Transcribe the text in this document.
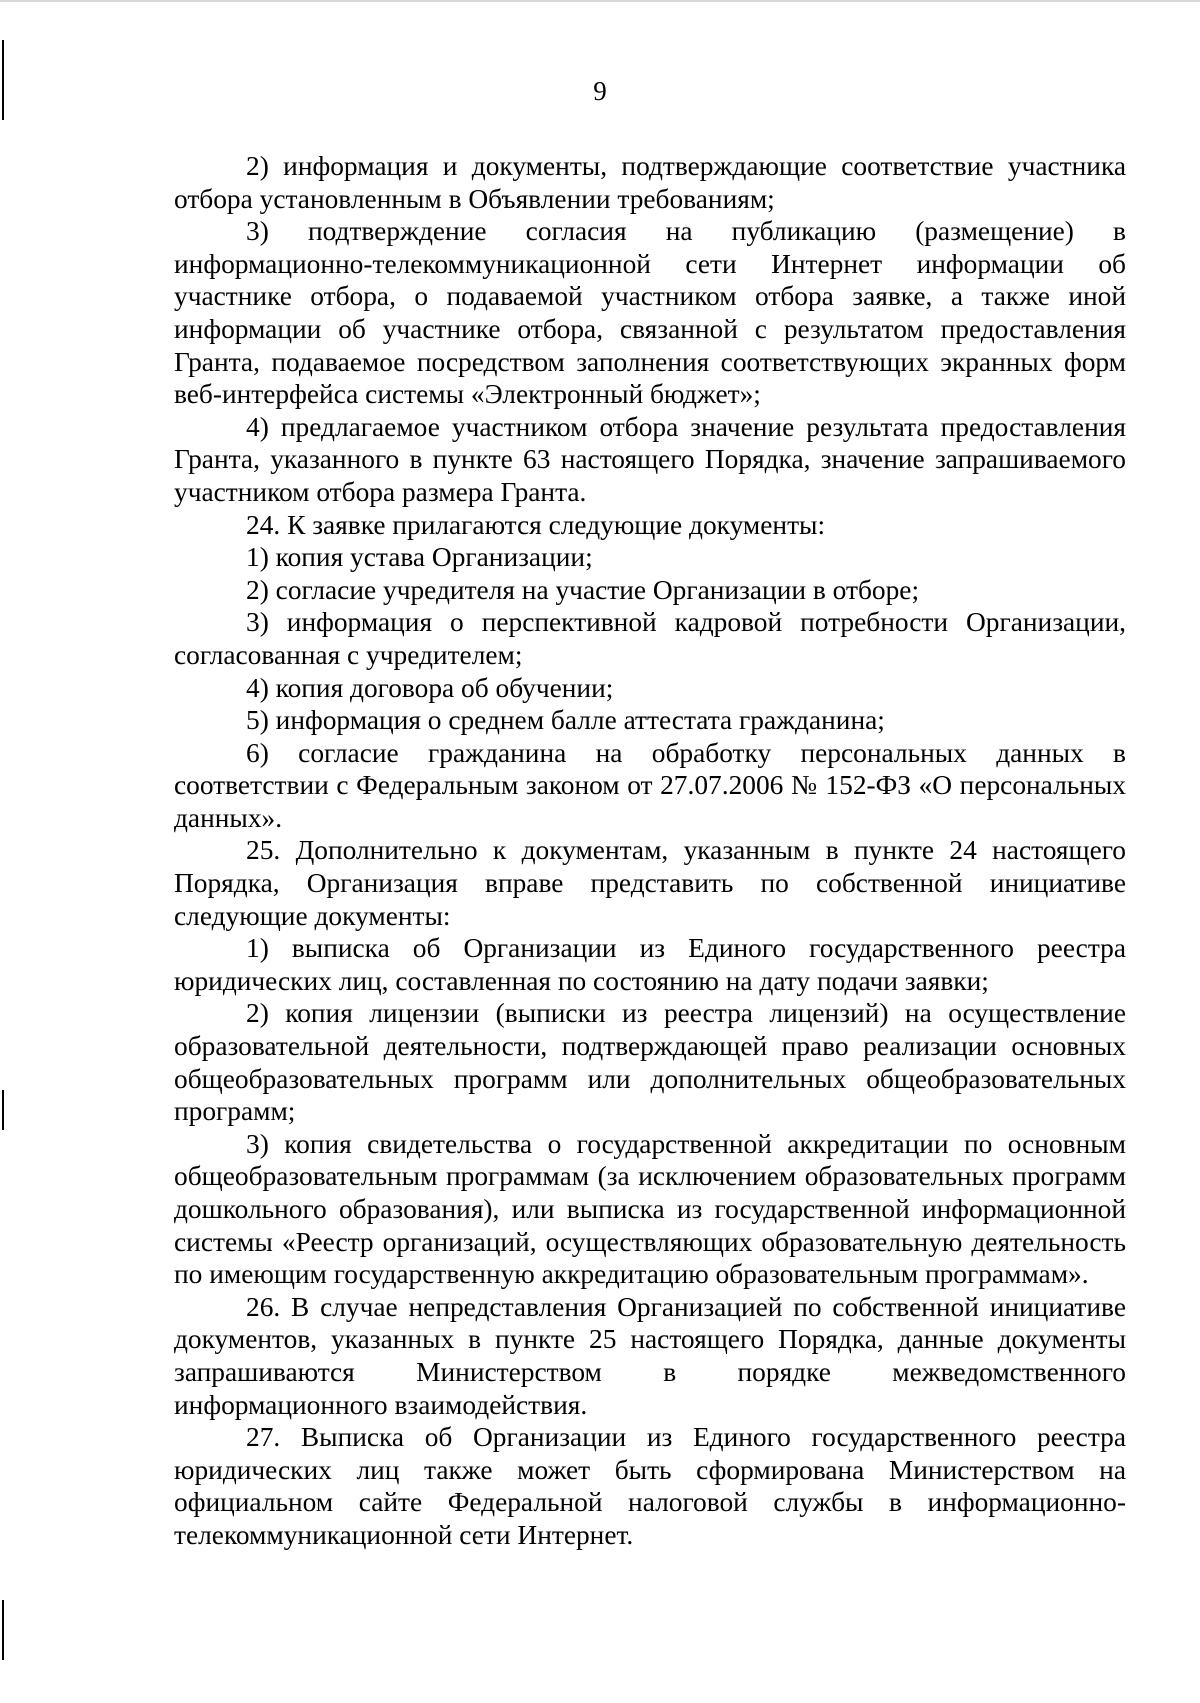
9

2) информация и документы, подтверждающие соответствие участника отбора установленным в Объявлении требованиям;

3) подтверждение согласия на публикацию (размещение) в информационно-телекоммуникационной сети Интернет информации об участнике отбора, о подаваемой участником отбора заявке, а также иной информации об участнике отбора, связанной с результатом предоставления Гранта, подаваемое посредством заполнения соответствующих экранных форм веб-интерфейса системы «Электронный бюджет»;

4) предлагаемое участником отбора значение результата предоставления Гранта, указанного в пункте 63 настоящего Порядка, значение запрашиваемого участником отбора размера Гранта.

24. К заявке прилагаются следующие документы:

1) копия устава Организации;

2) согласие учредителя на участие Организации в отборе;

3) информация о перспективной кадровой потребности Организации, согласованная с учредителем;

4) копия договора об обучении;

5) информация о среднем балле аттестата гражданина;

6) согласие гражданина на обработку персональных данных в соответствии с Федеральным законом от 27.07.2006 № 152-ФЗ «О персональных данных».

25. Дополнительно к документам, указанным в пункте 24 настоящего Порядка, Организация вправе представить по собственной инициативе следующие документы:

1) выписка об Организации из Единого государственного реестра юридических лиц, составленная по состоянию на дату подачи заявки;

2) копия лицензии (выписки из реестра лицензий) на осуществление образовательной деятельности, подтверждающей право реализации основных общеобразовательных программ или дополнительных общеобразовательных программ;

3) копия свидетельства о государственной аккредитации по основным общеобразовательным программам (за исключением образовательных программ дошкольного образования), или выписка из государственной информационной системы «Реестр организаций, осуществляющих образовательную деятельность по имеющим государственную аккредитацию образовательным программам».

26. В случае непредставления Организацией по собственной инициативе документов, указанных в пункте 25 настоящего Порядка, данные документы запрашиваются Министерством в порядке межведомственного информационного взаимодействия.

27. Выписка об Организации из Единого государственного реестра юридических лиц также может быть сформирована Министерством на официальном сайте Федеральной налоговой службы в информационно-телекоммуникационной сети Интернет.
